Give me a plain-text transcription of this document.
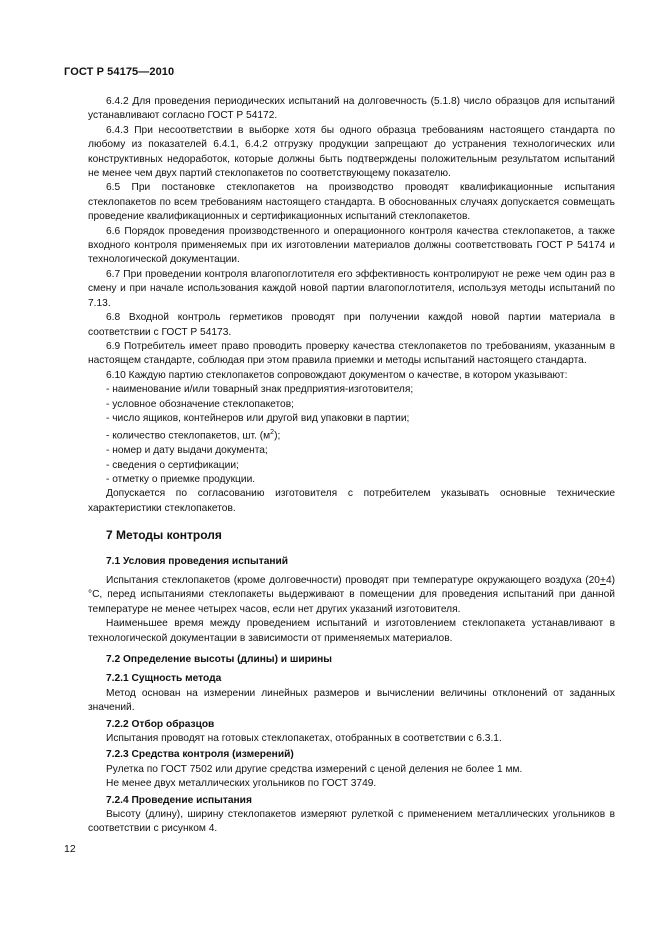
ГОСТ Р 54175—2010

6.4.2 Для проведения периодических испытаний на долговечность (5.1.8) число образцов для испытаний устанавливают согласно ГОСТ Р 54172.

6.4.3 При несоответствии в выборке хотя бы одного образца требованиям настоящего стандарта по любому из показателей 6.4.1, 6.4.2 отгрузку продукции запрещают до устранения технологических или конструктивных недоработок, которые должны быть подтверждены положительным результатом испытаний не менее чем двух партий стеклопакетов по соответствующему показателю.

6.5 При постановке стеклопакетов на производство проводят квалификационные испытания стеклопакетов по всем требованиям настоящего стандарта. В обоснованных случаях допускается совмещать проведение квалификационных и сертификационных испытаний стеклопакетов.

6.6 Порядок проведения производственного и операционного контроля качества стеклопакетов, а также входного контроля применяемых при их изготовлении материалов должны соответствовать ГОСТ Р 54174 и технологической документации.

6.7 При проведении контроля влагопоглотителя его эффективность контролируют не реже чем один раз в смену и при начале использования каждой новой партии влагопоглотителя, используя методы испытаний по 7.13.

6.8 Входной контроль герметиков проводят при получении каждой новой партии материала в соответствии с ГОСТ Р 54173.

6.9 Потребитель имеет право проводить проверку качества стеклопакетов по требованиям, указанным в настоящем стандарте, соблюдая при этом правила приемки и методы испытаний настоящего стандарта.

6.10 Каждую партию стеклопакетов сопровождают документом о качестве, в котором указывают:

- наименование и/или товарный знак предприятия-изготовителя;

- условное обозначение стеклопакетов;

- число ящиков, контейнеров или другой вид упаковки в партии;

- количество стеклопакетов, шт. $(м^2)$;

- номер и дату выдачи документа;

- сведения о сертификации;

- отметку о приемке продукции.

Допускается по согласованию изготовителя с потребителем указывать основные технические характеристики стеклопакетов.

7 Методы контроля
7.1 Условия проведения испытаний

Испытания стеклопакетов (кроме долговечности) проводят при температуре окружающего воздуха (20+4) °С, перед испытаниями стеклопакеты выдерживают в помещении для проведения испытаний при данной температуре не менее четырех часов, если нет других указаний изготовителя.

Наименьшее время между проведением испытаний и изготовлением стеклопакета устанавливают в технологической документации в зависимости от применяемых материалов.

7.2 Определение высоты (длины) и ширины
7.2.1 Сущность метода

Метод основан на измерении линейных размеров и вычислении величины отклонений от заданных значений.

7.2.2 Отбор образцов

Испытания проводят на готовых стеклопакетах, отобранных в соответствии с 6.3.1.

7.2.3 Средства контроля (измерений)

Рулетка по ГОСТ 7502 или другие средства измерений с ценой деления не более 1 мм.

Не менее двух металлических угольников по ГОСТ 3749.

7.2.4 Проведение испытания

Высоту (длину), ширину стеклопакетов измеряют рулеткой с применением металлических угольников в соответствии с рисунком 4.

12
